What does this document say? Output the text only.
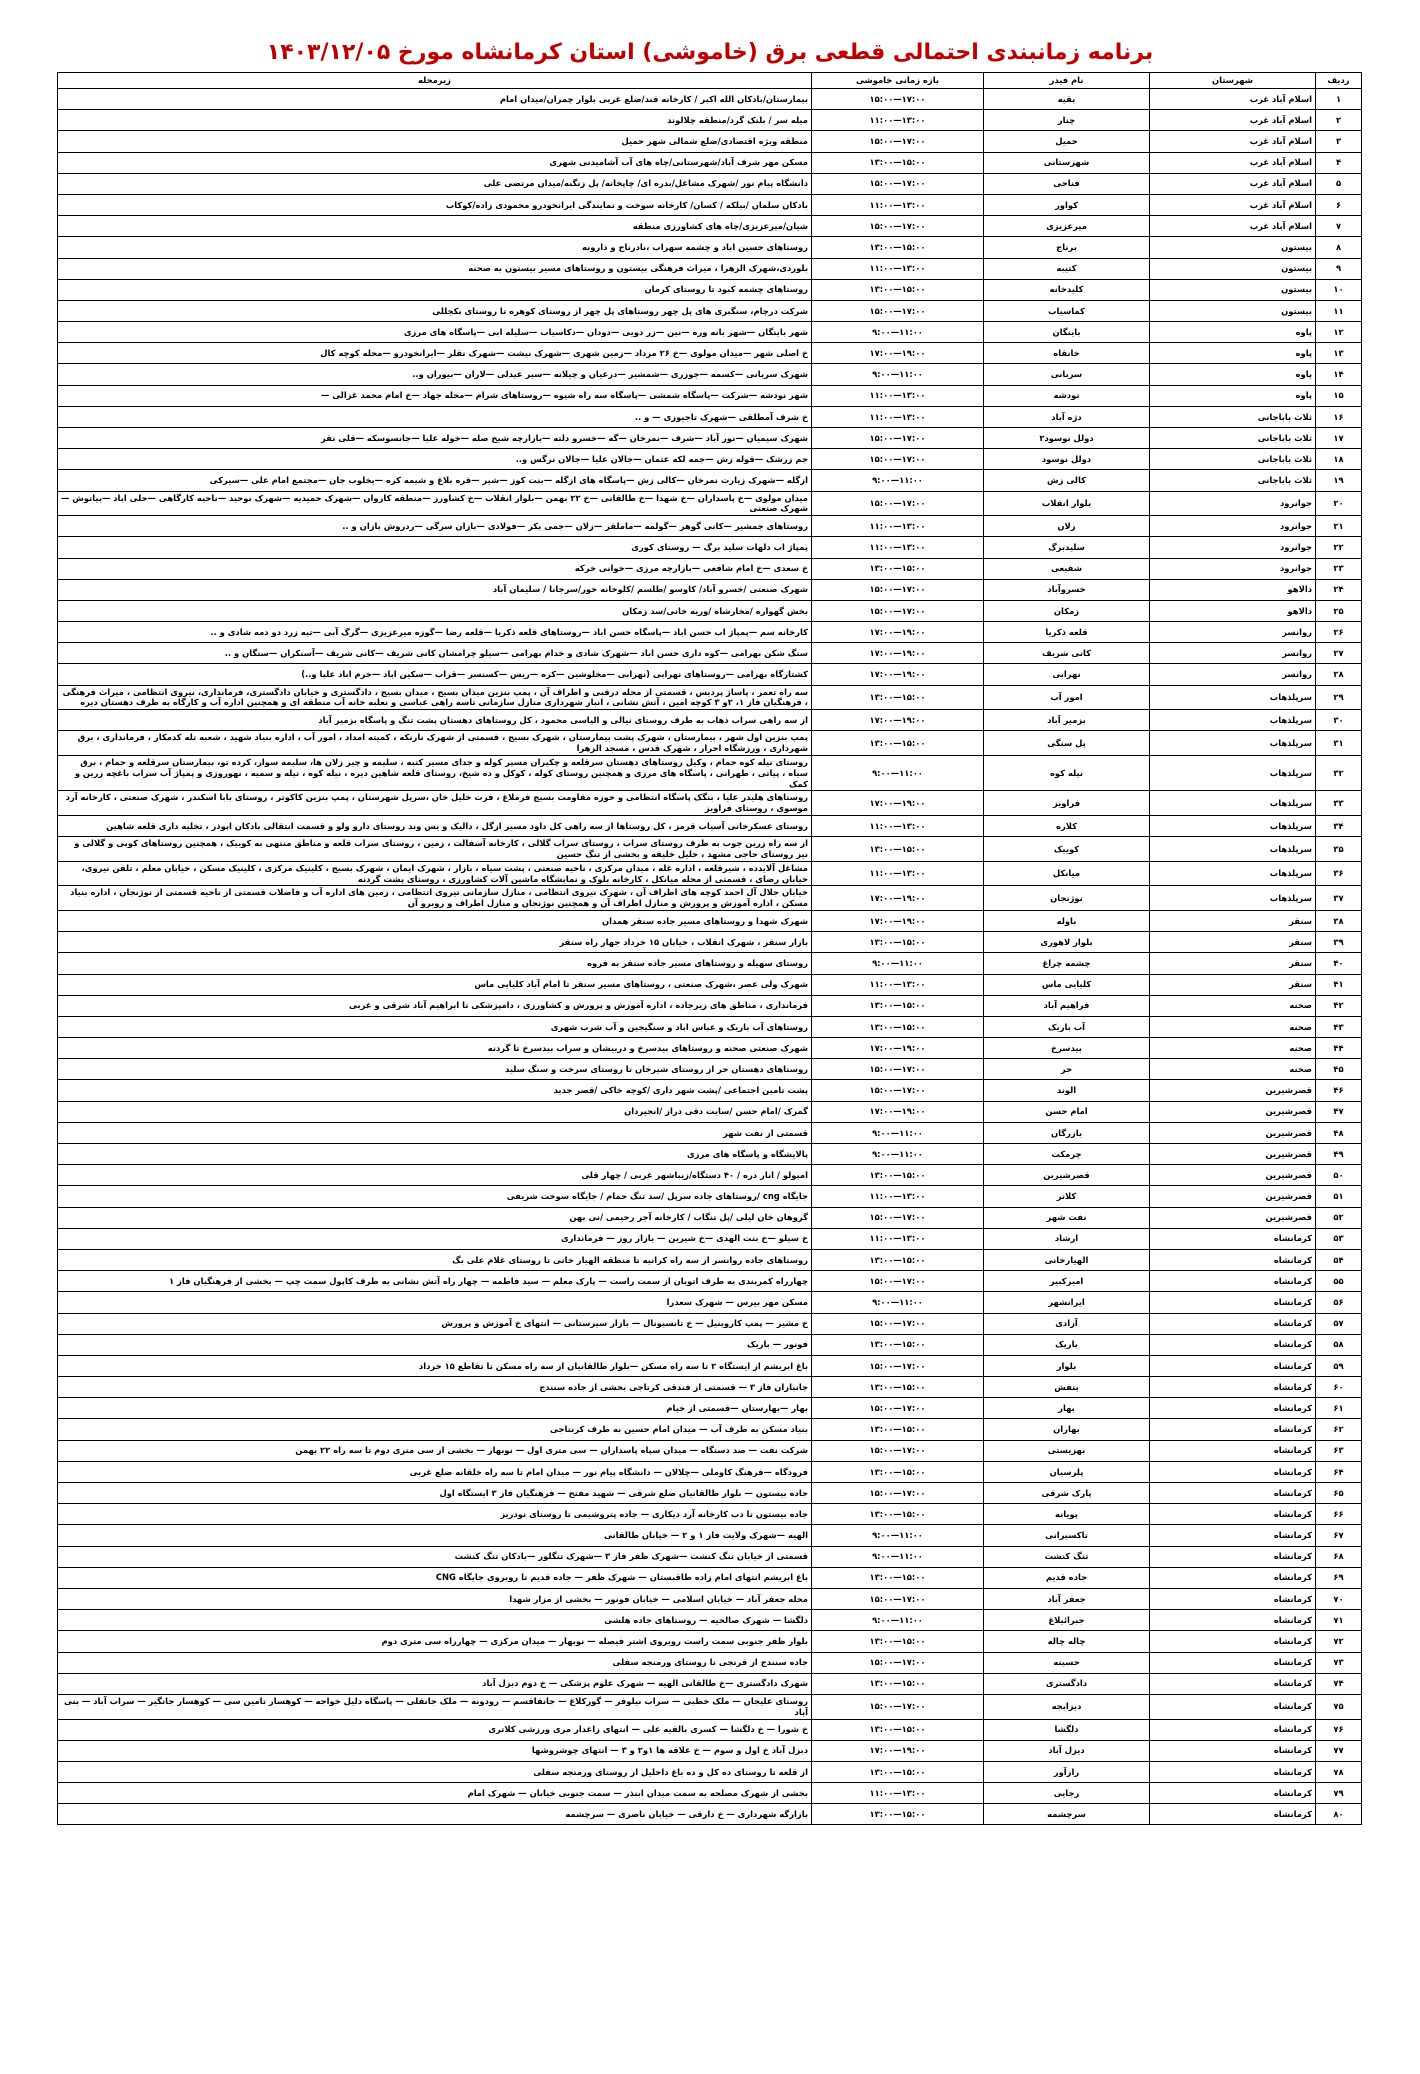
برنامه زمانبندی احتمالی قطعی برق (خاموشی) استان کرمانشاه مورخ ۱۴۰۳/۱۲/۰۵
ردیف	شهرستان	نام فیدر	بازه زمانی خاموشی	زیرمحله
۱	اسلام آباد غرب	بقیه	۱۵:۰۰—۱۷:۰۰	بیمارستان/بادکان الله اکبر / کارخانه قند/ضلع غربی بلوار چمران/میدان امام
۲	اسلام آباد غرب	چنار	۱۱:۰۰—۱۳:۰۰	میله سر / بلنک گرد/منطقه چلالوند
۳	اسلام آباد غرب	حمیل	۱۵:۰۰—۱۷:۰۰	منطقه ویژه اقتصادی/ضلع شمالی شهر حمیل
۴	اسلام آباد غرب	شهرستانی	۱۳:۰۰—۱۵:۰۰	مسکن مهر شرف آباد/شهرستانی/چاه های آب آشامیدنی شهری
۵	اسلام آباد غرب	فناحی	۱۵:۰۰—۱۷:۰۰	دانشگاه پیام نور /شهرک مشاغل/بدره ای/ چاپخانه/ پل زنگنه/میدان مرتضی علی
۶	اسلام آباد غرب	کواور	۱۱:۰۰—۱۳:۰۰	بادکان سلمان /بیلکه / کسان/ کارخانه سوخت و نمایندگی ایرانخودرو محمودی زاده/کوکاب
۷	اسلام آباد غرب	میرعزیزی	۱۵:۰۰—۱۷:۰۰	شیان/میرعزیزی/چاه های کشاورزی منطقه
۸	بیستون	برناج	۱۳:۰۰—۱۵:۰۰	روستاهای حسین اباد و چشمه سهراب ،نادرناج و دارونه
۹	بیستون	کتیبه	۱۱:۰۰—۱۳:۰۰	بلوردی،شهرک الزهرا ، میراث فرهنگی بیستون و روستاهای مسیر بیستون به صحنه
۱۰	بیستون	کلیدخانه	۱۳:۰۰—۱۵:۰۰	روستاهای چشمه کبود تا روستای کرمان
۱۱	بیستون	کماسیاب	۱۵:۰۰—۱۷:۰۰	شرکت درچام، سنگبری های پل چهر روستاهای پل چهر از روستای کوهره تا روستای بکجللی
۱۲	پاوه	باینگان	۹:۰۰—۱۱:۰۰	شهر باینگان —شهر بانه وره —نین —زر دویی —دودان —دکاسیاب —سلیله ابی —پاسگاه های مرزی
۱۳	پاوه	خانقاه	۱۷:۰۰—۱۹:۰۰	خ اصلی شهر —میدان مولوی —خ ۲۶ مرداد —زمین شهری —شهرک نیشت —شهرک تقلر —ایرانخودرو —محله کوچه کال
۱۴	پاوه	سربانی	۹:۰۰—۱۱:۰۰	شهرک سربانی —کسمه —جوزری —شمشیر —درعیان و چیلانه —سیر عیدلی —لاران —بیوران و..
۱۵	پاوه	نودشه	۱۱:۰۰—۱۳:۰۰	شهر نودشه —شرکت —پاسگاه شمشی —پاسگاه سه راه شیوه —روستاهای شرام —محله جهاد —خ امام محمد غزالی —
۱۶	ثلاث باباجانی	دژه آباد	۱۱:۰۰—۱۳:۰۰	خ شرف آمطلقی —شهرک تاجیوزی — و ..
۱۷	ثلاث باباجانی	دولل نوسود۲	۱۵:۰۰—۱۷:۰۰	شهرک سیمیان —نور آباد —شرف —نمرخان —گه —خسرو دلته —بازارچه شیخ صله —خوله علیا —جانسوسکه —قلی نقر
۱۸	ثلاث باباجانی	دولل نوسود	۱۵:۰۰—۱۷:۰۰	جم زرشک —قوله زش —جمه لکه عثمان —جالان علیا —جالان نرگس و..
۱۹	ثلاث باباجانی	کالی زش	۹:۰۰—۱۱:۰۰	ازگله —شهرک زیارت نمرخان —کالی زش —پاسگاه های ازگله —بنت کوز —شیر —قره بلاغ و شیمه کره —یخلوب جان —مجتمع امام علی —سیرکی
۲۰	جوانرود	بلوار انقلاب	۱۵:۰۰—۱۷:۰۰	میدان مولوی —خ پاسداران —خ شهدا —خ طالقانی —خ ۲۲ بهمن —بلوار انقلاب —خ کشاورز —منطقه کاروان —شهرک حمیدیه —شهرک نوحید —ناحیه کارگاهی —حلی اباد —بیاتوش —شهرک صنعتی
۲۱	جوانرود	زلان	۱۱:۰۰—۱۳:۰۰	روستاهای جمشیر —کانی گوهر —گولمه —ماملقر —زلان —جمی بکر —فولادی —بازان سرگی —ردروش بازان و ..
۲۲	جوانرود	سلیدبرگ	۱۱:۰۰—۱۳:۰۰	پمپاژ اب دلهات سلید برگ — روستای کوری
۲۳	جوانرود	شفیعی	۱۳:۰۰—۱۵:۰۰	خ سعدی —خ امام شافعی —بازارچه مرزی —خوانی خرکه
۲۴	دالاهو	خسروآباد	۱۵:۰۰—۱۷:۰۰	شهرک صنعتی /خسرو آباد/ کاوسو /طلسم /کلوخانه خور/سرجانا / سلیمان آباد
۲۵	دالاهو	زمکان	۱۵:۰۰—۱۷:۰۰	بخش گهواره /مخارشاه /وریه خانی/سد زمکان
۲۶	روانسر	قلعه ذکریا	۱۷:۰۰—۱۹:۰۰	کارخانه سم —پمپاژ اب حسن اباد —پاسگاه حسن اباد —روستاهای قلعه ذکریا —قلعه رضا —گوزه میرعزیزی —گرگ آبی —تیه زرد دو دمه شادی و ..
۲۷	روانسر	کانی شریف	۱۷:۰۰—۱۹:۰۰	سنگ شکن بهرامی —کوه داری حسن اباد —شهرک شادی و خدام بهرامی —سیلو چرامشان کانی شریف —کانی شریف —آسنکران —سنگان و ..
۲۸	روانسر	نهرابی	۱۷:۰۰—۱۹:۰۰	کشتارگاه بهرامی —روستاهای نهرابی (نهرابی —مخلوشین —کره —ریس —کسنسر —قراب —سکین اباد —خرم اباد علیا و..)
۲۹	سرپلذهاب	امور آب	۱۳:۰۰—۱۵:۰۰	سه راه تعمر ، پاساژ پردیس ، قسمتی از محله درقبی و اطراف آن ، پمپ بنزین میدان بسیج ، میدان بسیج ، دادگستری و خیابان دادگستری، فرمانداری، نیروی انتظامی ، میراث فرهنگی ، فرهنگیان فاز ۱، ۲و ۳ کوچه امین ، آتش نشانی ، انبار شهرداری منازل سازمانی تاسه راهی عباسی و نعلبه خانه آب منطقه ای و همچنین اداره آب و کارگاه به طرف دهستان دیره
۳۰	سرپلذهاب	بزمیر آباد	۱۷:۰۰—۱۹:۰۰	از سه راهی سراب ذهاب به طرف روستای نیالی و الیاسی محمود ، کل روستاهای دهستان پشت تنگ و پاسگاه بزمیر آباد
۳۱	سرپلذهاب	پل سنگی	۱۳:۰۰—۱۵:۰۰	پمپ بنزین اول شهر ، بیمارستان ، شهرک پشت بیمارستان ، شهرک بسیج ، قسمتی از شهرک نارنکه ، کمیته امداد ، امور آب ، اداره بنیاد شهید ، شعبه تله کدمکار ، فرمانداری ، برق شهرداری ، ورزشگاه احرار ، شهرک قدس ، مسجد الزهرا
۳۲	سرپلذهاب	نیله کوه	۹:۰۰—۱۱:۰۰	روستای نیله کوه حمام ، وکیل روستاهای دهستان سرقلعه و چکیران مسیر کوله و جدای مسیر کتبه ، سلیمه و چیر زلان ها، سلیمه سوار، کرده تو، بیمارستان سرقلعه و حمام ، برق سیاه ، پیاتی ، طهرانی ، پاسگاه های مرزی و همچنین روستای کوله ، کوکل و ده شیخ، روستای قلعه شاهین دیره ، نیله کوه ، تیله و سمیه ، نهوروزی و پمپاژ آب سراب باغچه زرین و کمک
۳۳	سرپلذهاب	فراویز	۱۷:۰۰—۱۹:۰۰	روستاهای هلیدر علیا ، بنگک پاسگاه انتظامی و حوزه مقاومت بسیج فرملاغ ، فرت خلیل خان ،سرپل شهرستان ، پمپ بنزین کاکوتر ، روستای بابا اسکندر ، شهرک صنعتی ، کارخانه آرد موسوی ، روستای فراویز
۳۴	سرپلذهاب	کلاره	۱۱:۰۰—۱۳:۰۰	روستای عسکرخانی آسیاب قرمز ، کل روستاها از سه راهی کل داود مسیر ازگل ، دالیک و یس وند روستای دارو ولو و قسمت انتقالی بادکان ابوذر ، تخلیه داری قلعه شاهین
۳۵	سرپلذهاب	کوییک	۱۳:۰۰—۱۵:۰۰	از سه راه زرین جوب به طرف روستای سراب ، روستای سراب گلالی ، کارخانه آسفالت ، زمین ، روستای سراب قلعه و مناطق منتهی به کوییک ، همچنین روستاهای کوبی و گلالی و نیز روستای حاجی مشهد ، خلیل خلیفه و بخشی از تنگ حسین
۳۶	سرپلذهاب	میانکل	۱۱:۰۰—۱۳:۰۰	مشاغل آلایدده ، شیرقلعه ، اداره غله ، میدان مرکزی ، ناحیه صنعتی ، پشت سیاه ، بازار ، شهرک ایمان ، شهرک بسیج ، کلینیک مرکزی ، کلینیک مسکن ، خیابان معلم ، تلفن نیروی، خیابان رضای ، قسمتی از محله میانکل ، کارخانه بلوک و نمایشگاه ماشین آلات کشاورزی ، روستای پشت گردنه
۳۷	سرپلذهاب	نوژنجان	۱۷:۰۰—۱۹:۰۰	خیابان جلال آل احمد کوچه های اطراف آن ، شهرک نیروی انتظامی ، منازل سازمانی نیروی انتظامی ، زمین های اداره آب و فاضلاب قسمتی از ناحیه قسمتی از نوژنجان ، اداره بنیاد مسکن ، اداره آموزش و پرورش و منازل اطراف آن و همچنین نوژنجان و منازل اطراف و روبرو آن
۳۸	سنقر	باوله	۱۷:۰۰—۱۹:۰۰	شهرک شهدا و روستاهای مسیر جاده سنقر همدان
۳۹	سنقر	بلوار لاهوری	۱۳:۰۰—۱۵:۰۰	بازار سنقر ، شهرک انقلاب ، خیابان ۱۵ خرداد جهار راه سنقر
۴۰	سنقر	چشمه چراغ	۹:۰۰—۱۱:۰۰	روستای سهیله و روستاهای مسیر جاده سنقر به فروه
۴۱	سنقر	کلیایی ماس	۱۱:۰۰—۱۳:۰۰	شهرک ولی عصر ،شهرک صنعتی ، روستاهای مسیر سنقر تا امام آباد کلیایی ماس
۴۲	صحنه	فراهیم آباد	۱۳:۰۰—۱۵:۰۰	فرمانداری ، مناطق های زیرجاده ، اداره آموزش و پرورش و کشاورزی ، دامپزشکی تا ابراهیم آباد شرقی و غربی
۴۳	صحنه	آب باریک	۱۳:۰۰—۱۵:۰۰	روستاهای آب باریک و عباس اباد و سنگیجین و آب شرب شهری
۴۴	صحنه	بیدسرخ	۱۷:۰۰—۱۹:۰۰	شهرک صنعتی صحنه و روستاهای بیدسرخ و دربیشان و سراب بیدسرخ تا گردنه
۴۵	صحنه	حر	۱۵:۰۰—۱۷:۰۰	روستاهای دهستان حر از روستای شیرخان تا روستای سرخت و سنگ سلید
۴۶	قصرشیرین	الوند	۱۵:۰۰—۱۷:۰۰	پشت تامین اجتماعی /پشت شهر داری /کوچه خاکی /قصر جدید
۴۷	قصرشیرین	امام حسن	۱۷:۰۰—۱۹:۰۰	گمرک /امام حسن /سایت دقی دراز /انجیردان
۴۸	قصرشیرین	بازرگان	۹:۰۰—۱۱:۰۰	قسمتی از نفت شهر
۴۹	قصرشیرین	چرمکت	۹:۰۰—۱۱:۰۰	پالایشگاه و پاسگاه های مرزی
۵۰	قصرشیرین	قصرشیرین	۱۳:۰۰—۱۵:۰۰	امبولو / انار دره / ۴۰ دستگاه/زیباشهر غربی / چهار قلی
۵۱	قصرشیرین	کلاتر	۱۱:۰۰—۱۳:۰۰	جایگاه cng /روستاهای جاده سرپل /سد تنگ حمام / جایگاه سوخت شریفی
۵۲	قصرشیرین	نفت شهر	۱۵:۰۰—۱۷:۰۰	گروهان خان لیلی /پل تنگاب / کارخانه آجر رحیمی /نی بهن
۵۳	کرمانشاه	ارشاد	۱۱:۰۰—۱۳:۰۰	خ سیلو —خ بنت الهدی —خ شیرین — بازار روز — فرمانداری
۵۴	کرمانشاه	الهیارخانی	۱۳:۰۰—۱۵:۰۰	روستاهای جاده روانسر از سه راه کرانیه تا منطقه الهیار خانی تا روستای غلام علی بگ
۵۵	کرمانشاه	امیرکبیر	۱۵:۰۰—۱۷:۰۰	چهارراه کمربندی به طرف اتوبان از سمت راست — پارک معلم — سید فاطمه — چهار راه آتش نشانی به طرف کاپول سمت چپ — بخشی از فرهنگیان فاز ۱
۵۶	کرمانشاه	ایرانشهر	۹:۰۰—۱۱:۰۰	مسکن مهر بیرس — شهرک سعدرا
۵۷	کرمانشاه	آزادی	۱۵:۰۰—۱۷:۰۰	خ مشیر — پمپ کاروینیل — خ تانسیونال — بازار سیرستانی — انتهای خ آموزش و پرورش
۵۸	کرمانشاه	باریک	۱۳:۰۰—۱۵:۰۰	فونور — باریک
۵۹	کرمانشاه	بلوار	۱۵:۰۰—۱۷:۰۰	باغ ابریشم از ایستگاه ۲ تا سه راه مسکن —بلوار طالقانیان از سه راه مسکن تا تقاطع ۱۵ خرداد
۶۰	کرمانشاه	بنفش	۱۳:۰۰—۱۵:۰۰	جانبازان فاز ۳ — قسمتی از فندقی کرتاجی بخشی از جاده سنندج
۶۱	کرمانشاه	بهار	۱۵:۰۰—۱۷:۰۰	بهار —بهارستان —قسمتی از خیام
۶۲	کرمانشاه	بهاران	۱۳:۰۰—۱۵:۰۰	بنیاد مسکن به طرف آب — میدان امام حسین به طرف کرنتاجی
۶۳	کرمانشاه	بهزیستی	۱۵:۰۰—۱۷:۰۰	شرکت نفت — صد دستگاه — میدان سپاه پاسداران — سی متری اول — نوبهار — بخشی از سی متری دوم تا سه راه ۲۲ بهمن
۶۴	کرمانشاه	پلرسیان	۱۳:۰۰—۱۵:۰۰	فرودگاه —فرهنگ کاوملی —چلالان — دانشگاه پیام نور — میدان امام تا سه راه خلقانه ضلع غربی
۶۵	کرمانشاه	پارک شرقی	۱۵:۰۰—۱۷:۰۰	جاده بیستون — بلوار طالقانیان ضلع شرقی — شهید مفتح — فرهنگیان فاز ۳ ایستگاه اول
۶۶	کرمانشاه	پویانه	۱۳:۰۰—۱۵:۰۰	جاده بیستون تا دب کارخانه آرد دیکاری — جاده پتروشیمی تا روستای نودریز
۶۷	کرمانشاه	تاکسیرانی	۹:۰۰—۱۱:۰۰	الهیه —شهرک ولایت فاز ۱ و ۲ — خیابان طالقانی
۶۸	کرمانشاه	تنگ کنشت	۹:۰۰—۱۱:۰۰	قسمتی از خیابان تنگ کنشت —شهرک ظفر فاز ۳ —شهرک تنگلور —بادکان تنگ کنشت
۶۹	کرمانشاه	جاده قدیم	۱۳:۰۰—۱۵:۰۰	باغ ابریشم انتهای امام زاده طاقبستان — شهرک ظفر — جاده قدیم تا روبروی جایگاه CNG
۷۰	کرمانشاه	جعفر آباد	۱۵:۰۰—۱۷:۰۰	محله جعفر آباد — خیابان اسلامی — خیابان فونور — بخشی از مزار شهدا
۷۱	کرمانشاه	جبرائیلاغ	۹:۰۰—۱۱:۰۰	دلگشا — شهرک صالحیه — روستاهای جاده هلشی
۷۲	کرمانشاه	چاله چاله	۱۳:۰۰—۱۵:۰۰	بلوار ظفر جنوبی سمت راست روبروی اشتر فیصله — نوبهار — میدان مرکزی — چهارراه سی متری دوم
۷۳	کرمانشاه	حسینه	۱۵:۰۰—۱۷:۰۰	جاده سنندج از قرنجی تا روستای ورمنجه سفلی
۷۴	کرمانشاه	دادگستری	۱۳:۰۰—۱۵:۰۰	شهرک دادگستری —خ طالقانی الهیه — شهرک علوم پزشکی — خ دوم دبزل آباد
۷۵	کرمانشاه	دیزابجه	۱۵:۰۰—۱۷:۰۰	روستای علیجان — ملک خطبی — سراب نیلوفر — گورکلاغ — جانقاقسم — رودونه — ملک جانقلی — پاسگاه دلیل خواجه — کوهسار تامین سی — کوهسار جانگیر — سراب آباد — بنی آباد
۷۶	کرمانشاه	دلگشا	۱۳:۰۰—۱۵:۰۰	خ شورا — خ دلگشا — کسری بالقیه علی — انتهای زاغدار مری ورزشی کلاتری
۷۷	کرمانشاه	دیزل آباد	۱۷:۰۰—۱۹:۰۰	دبزل آباد خ اول و سوم — خ علاقه ها ۱و۲ و ۳ — انتهای چوشروشها
۷۸	کرمانشاه	رازآور	۱۳:۰۰—۱۵:۰۰	از قلعه تا روستای ده کل و ده باغ داخلیل از روستای ورمنجه سفلی
۷۹	کرمانشاه	رجایی	۱۱:۰۰—۱۳:۰۰	بخشی از شهرک مصلحه به سمت میدان ابنذر — سمت جنوبی خیابان — شهرک امام
۸۰	کرمانشاه	سرچشمه	۱۳:۰۰—۱۵:۰۰	بازارگه شهرداری — خ دارقی — خیابان ناصری — سرچشمه
